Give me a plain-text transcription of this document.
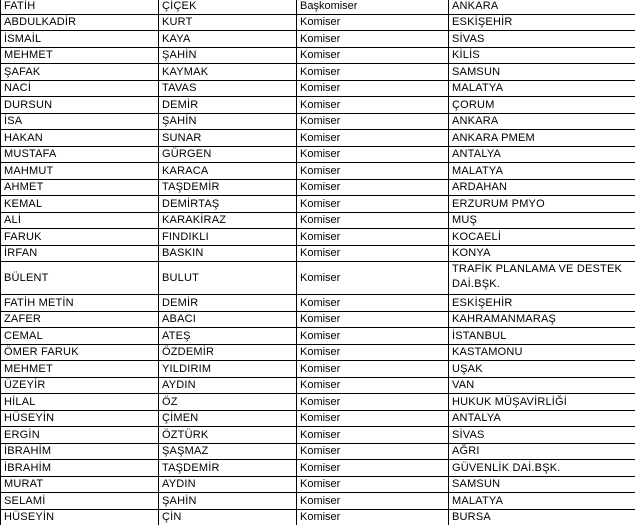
FATİH	ÇİÇEK	Başkomiser	ANKARA
ABDULKADİR	KURT	Komiser	ESKİŞEHİR
İSMAİL	KAYA	Komiser	SİVAS
MEHMET	ŞAHİN	Komiser	KİLİS
ŞAFAK	KAYMAK	Komiser	SAMSUN
NACİ	TAVAS	Komiser	MALATYA
DURSUN	DEMİR	Komiser	ÇORUM
İSA	ŞAHİN	Komiser	ANKARA
HAKAN	SUNAR	Komiser	ANKARA PMEM
MUSTAFA	GÜRGEN	Komiser	ANTALYA
MAHMUT	KARACA	Komiser	MALATYA
AHMET	TAŞDEMİR	Komiser	ARDAHAN
KEMAL	DEMİRTAŞ	Komiser	ERZURUM PMYO
ALİ	KARAKİRAZ	Komiser	MUŞ
FARUK	FINDIKLI	Komiser	KOCAELİ
İRFAN	BASKIN	Komiser	KONYA
BÜLENT	BULUT	Komiser	TRAFİK PLANLAMA VE DESTEK DAİ.BŞK.
FATİH METİN	DEMİR	Komiser	ESKİŞEHİR
ZAFER	ABACI	Komiser	KAHRAMANMARAŞ
CEMAL	ATEŞ	Komiser	İSTANBUL
ÖMER FARUK	ÖZDEMİR	Komiser	KASTAMONU
MEHMET	YILDIRIM	Komiser	UŞAK
ÜZEYİR	AYDIN	Komiser	VAN
HİLAL	ÖZ	Komiser	HUKUK MÜŞAVİRLİĞİ
HÜSEYİN	ÇİMEN	Komiser	ANTALYA
ERGİN	ÖZTÜRK	Komiser	SİVAS
İBRAHİM	ŞAŞMAZ	Komiser	AĞRI
İBRAHİM	TAŞDEMİR	Komiser	GÜVENLİK DAİ.BŞK.
MURAT	AYDIN	Komiser	SAMSUN
SELAMİ	ŞAHİN	Komiser	MALATYA
HÜSEYİN	ÇİN	Komiser	BURSA
